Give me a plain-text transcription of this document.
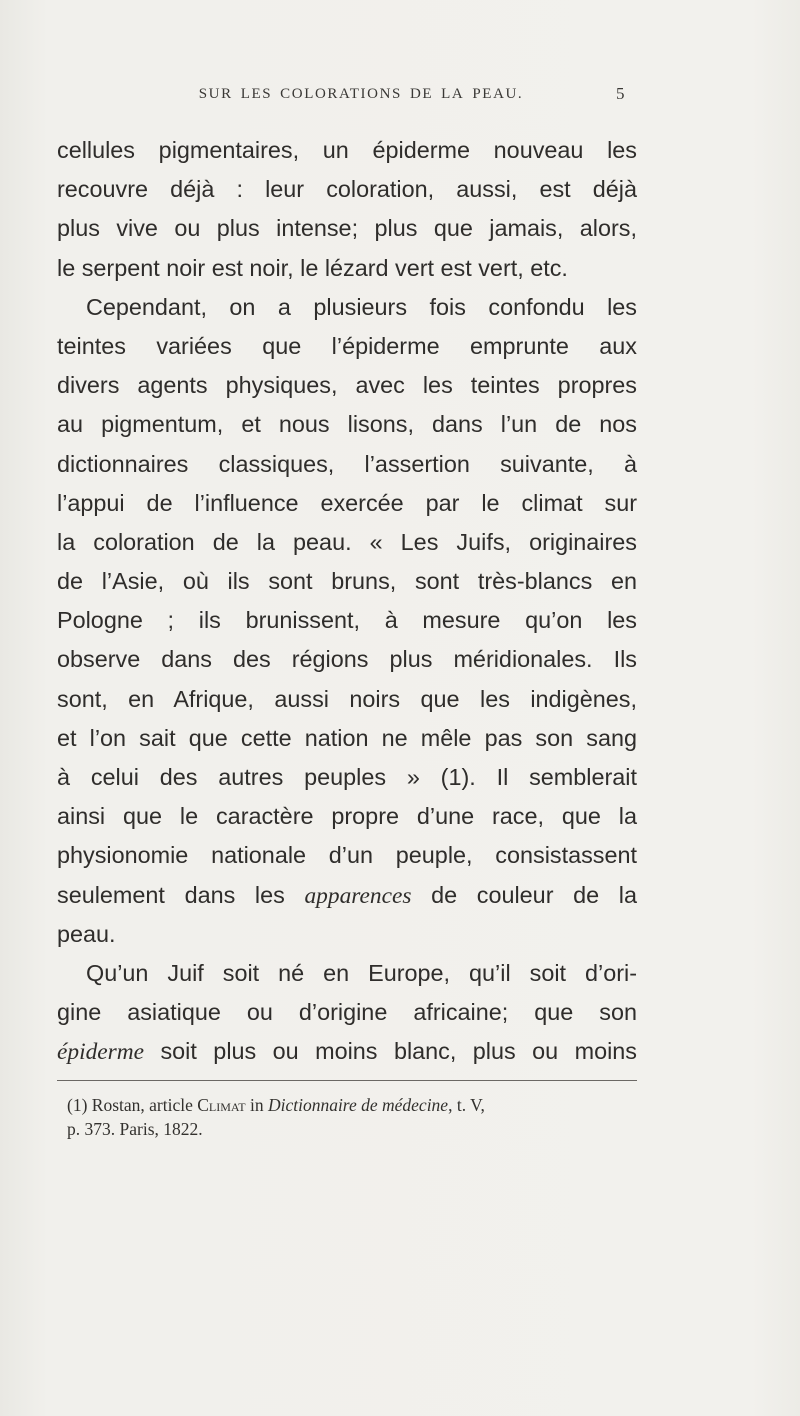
SUR LES COLORATIONS DE LA PEAU.	5
cellules pigmentaires, un épiderme nouveau les
recouvre déjà : leur coloration, aussi, est déjà
plus vive ou plus intense; plus que jamais, alors,
le serpent noir est noir, le lézard vert est vert, etc.
Cependant, on a plusieurs fois confondu les
teintes variées que l’épiderme emprunte aux
divers agents physiques, avec les teintes propres
au pigmentum, et nous lisons, dans l’un de nos
dictionnaires classiques, l’assertion suivante, à
l’appui de l’influence exercée par le climat sur
la coloration de la peau. « Les Juifs, originaires
de l’Asie, où ils sont bruns, sont très-blancs en
Pologne ; ils brunissent, à mesure qu’on les
observe dans des régions plus méridionales. Ils
sont, en Afrique, aussi noirs que les indigènes,
et l’on sait que cette nation ne mêle pas son sang
à celui des autres peuples » (1). Il semblerait
ainsi que le caractère propre d’une race, que la
physionomie nationale d’un peuple, consistassent
seulement dans les apparences de couleur de la
peau.
Qu’un Juif soit né en Europe, qu’il soit d’ori-
gine asiatique ou d’origine africaine; que son
épiderme soit plus ou moins blanc, plus ou moins
(1) Rostan, article Climat in Dictionnaire de médecine, t. V,
p. 373. Paris, 1822.
